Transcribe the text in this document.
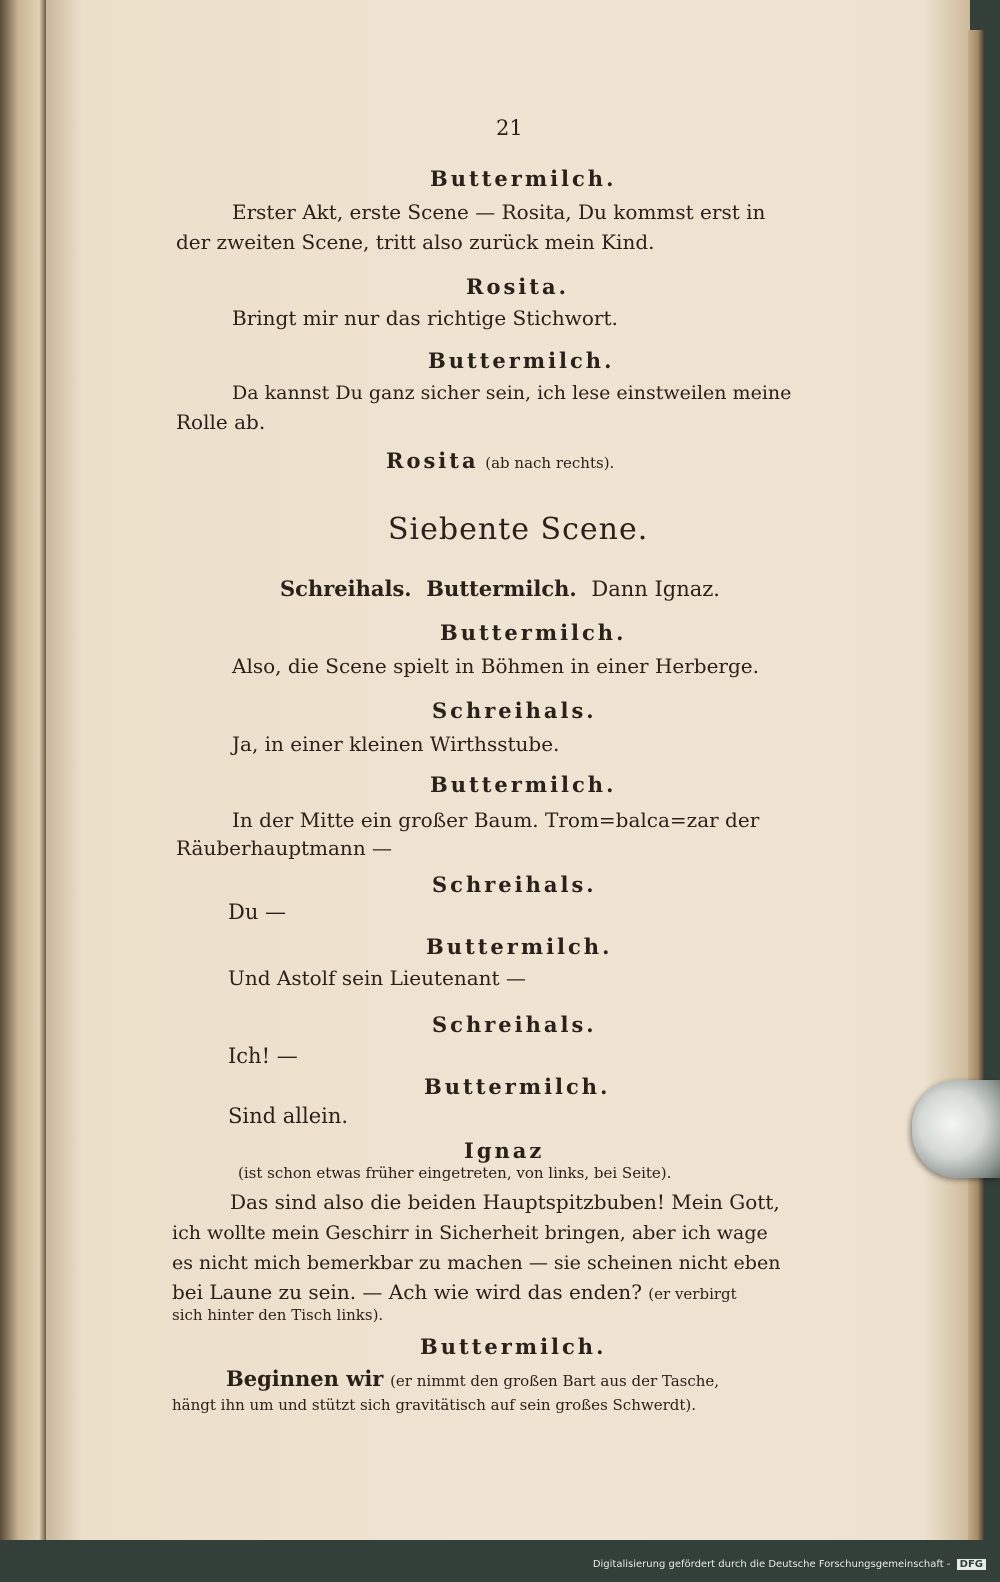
21
Buttermilch.
Erster Akt, erste Scene — Rosita, Du kommst erst in
der zweiten Scene, tritt also zurück mein Kind.
Rosita.
Bringt mir nur das richtige Stichwort.
Buttermilch.
Da kannst Du ganz sicher sein, ich lese einstweilen meine
Rolle ab.
Rosita (ab nach rechts).
Siebente Scene.
Schreihals. Buttermilch. Dann Ignaz.
Buttermilch.
Also, die Scene spielt in Böhmen in einer Herberge.
Schreihals.
Ja, in einer kleinen Wirthsstube.
Buttermilch.
In der Mitte ein großer Baum. Trom=balca=zar der
Räuberhauptmann —
Schreihals.
Du —
Buttermilch.
Und Astolf sein Lieutenant —
Schreihals.
Ich! —
Buttermilch.
Sind allein.
Ignaz
(ist schon etwas früher eingetreten, von links, bei Seite).
Das sind also die beiden Hauptspitzbuben! Mein Gott,
ich wollte mein Geschirr in Sicherheit bringen, aber ich wage
es nicht mich bemerkbar zu machen — sie scheinen nicht eben
bei Laune zu sein. — Ach wie wird das enden? (er verbirgt
sich hinter den Tisch links).
Buttermilch.
Beginnen wir (er nimmt den großen Bart aus der Tasche,
hängt ihn um und stützt sich gravitätisch auf sein großes Schwerdt).
Digitalisierung gefördert durch die Deutsche Forschungsgemeinschaft - DFG
